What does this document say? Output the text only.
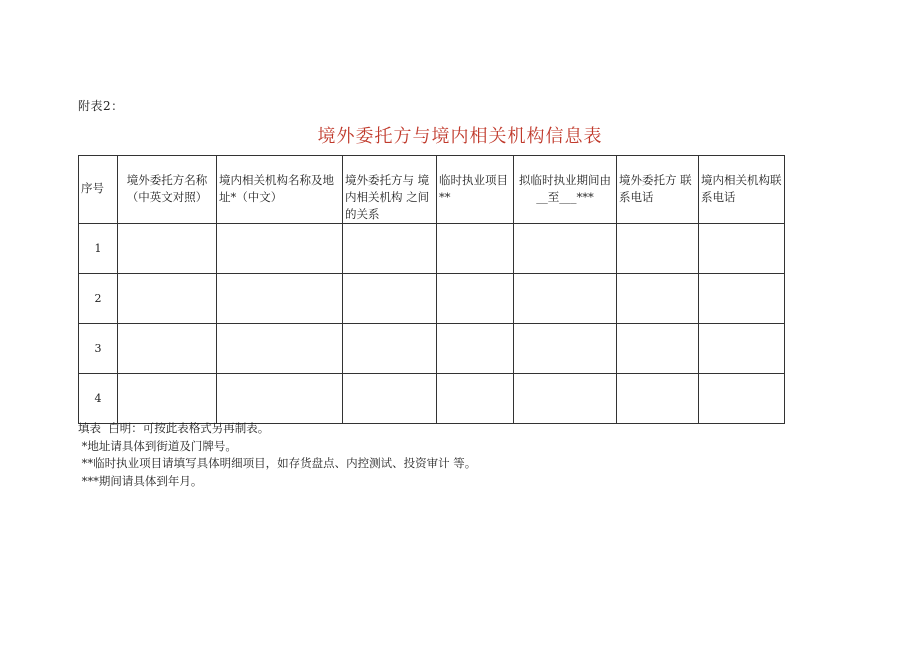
附表2：
境外委托方与境内相关机构信息表
序号	境外委托方名称（中英文对照）	境内相关机构名称及地址*（中文）	境外委托方与 境内相关机构 之间的关系	临时执业项目**	拟临时执业期间由 __至___***	境外委托方 联系电话	境内相关机构联系电话
1							
2							
3							
4							
填表  白明：可按此表格式另再制表。
*地址请具体到街道及门牌号。
**临时执业项目请填写具体明细项目，如存货盘点、内控测试、投资审计 等。
***期间请具体到年月。
